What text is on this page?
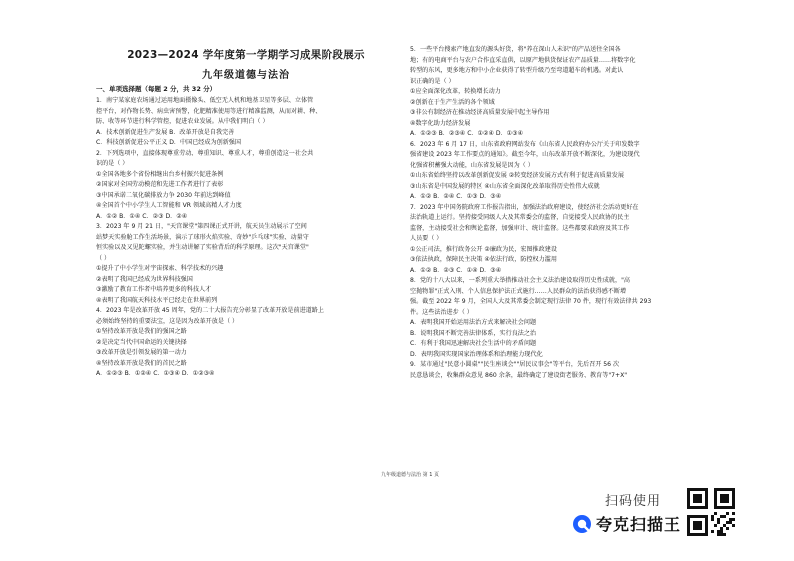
2023—2024 学年度第一学期学习成果阶段展示
九年级道德与法治
一、单项选择题（每题 2 分，共 32 分）
1．南宁某家庭农场通过运用地面摄像头、低空无人机和地基卫星等多层、立体管
控平台，对作物长势、病虫害预警，化肥精准使用等进行精准监测，从而对耕、种、
防、收等环节进行科学管控，促进农业发展。从中我们明白（ ）
A．技术创新促进生产发展 B．改革开放是自我完善
C．科技创新促进公平正义 D．中国已经成为创新强国
2．下列选项中，直接体现尊重劳动、尊重知识、尊重人才，尊重创造这一社会共
识的是（ ）
①全国各地多个省份相继出台乡村振兴促进条例
②国家对全国劳动模范和先进工作者进行了表彰
③中国承诺二氧化碳排放力争 2030 年前达到峰值
④全国首个中小学生人工智能和 VR 领域高精人才力度
A．①② B．①④ C．②③ D．②④
3．2023 年 9 月 21 日，"天宫课堂"第四课正式开讲，航天员生动展示了空间
站梦天实验舱工作生活场景，演示了球形火焰实验、奇妙"乒乓球"实验、动量守
恒实验以及又见陀螺实验，并生动讲解了实验背后的科学原理。这次"天宫课堂"
（ ）
①提升了中小学生对宇宙探索、科学技术的兴趣
②表明了我国已经成为世界科技强国
③激励了教育工作者中培养更多的科技人才
④表明了我国航天科技水平已经走在世界前列
4．2023 年是改革开放 45 周年，党的二十大报告充分彰显了改革开放是前进道路上
必须始终坚持的重要法宝，这是因为改革开放是（ ）
①坚持改革开放是我们的强国之路
②是决定当代中国命运的关键抉择
③改革开放是引领发展的第一动力
④坚持改革开放是我们的首民之路
A．①②③ B．①②④ C．①③④ D．①②③④
5．一些平台搜索产地直发的源头好货，将"养在深山人未识"的产品送往全国各
地；有的电商平台与农户合作直采直供，以原产地供货保证农产品质量……将数字化
转型的东风，更多地方和中小企业获得了转型升级乃至弯道超车的机遇。对此认
识正确的是（ ）
①应全面深化改革，转换增长动力
②创新在于生产生活的各个领域
③非公有制经济在推动经济高质量发展中起主导作用
④数字化助力经济发展
A．①②③ B．②③④ C．①②④ D．①③④
6．2023 年 6 月 17 日，山东省政府网站发布《山东省人民政府办公厅关于印发数字
强省建设 2023 年工作要点的通知》。截至今年，山东改革开放不断深化，为建设现代
化强省积蓄强大动能，山东省发展是因为（ ）
①山东省始终坚持以改革创新促发展 ②转变经济发展方式有利于促进高质量发展
③山东省是中国发展的特区 ④山东省全面深化改革取得历史性伟大成就
A．①② B．②④ C．①③ D．③④
7．2023 年中国务院政府工作报告指出，加强法治政府建设，使经济社会活动更好在
法治轨道上运行。坚持接受同级人大及其常委会的监督，自觉接受人民政协的民主
监督，主动接受社会和舆论监督，加强审计、统计监督。这些都要求政府及其工作
人员要（ ）
①公正司法，推行政务公开 ②廉政为民，宏图推政建设
③依法执政，保障民主决策 ④依法行政，防控权力滥用
A．①② B．②③ C．①④ D．③④
8．党的十八大以来，一系列重大举措推动社会主义法治建设取得历史性成就，"高
空抛物罪"正式入刑、个人信息保护法正式施行……人民群众的法治获得感不断增
强。截至 2022 年 9 月，全国人大及其常委会制定现行法律 70 件，现行有效法律共 293
件。这些法治进步（ ）
A．表明我国开始运用法治方式来解决社会问题
B．说明我国不断完善法律体系，实行良法之治
C．有利于我国迅速解决社会生活中的矛盾问题
D．表明我国实现国家治理体系和治理能力现代化
9．某市通过"民意小圆桌""民生座谈会""居民议事会"等平台，先后召开 56 次
民意恳谈会，收集群众意见 860 余条，最终确定了建设街老服务、教育等"7+X"
九年级道德与法治 第 1 页
扫码使用
夸克扫描王
